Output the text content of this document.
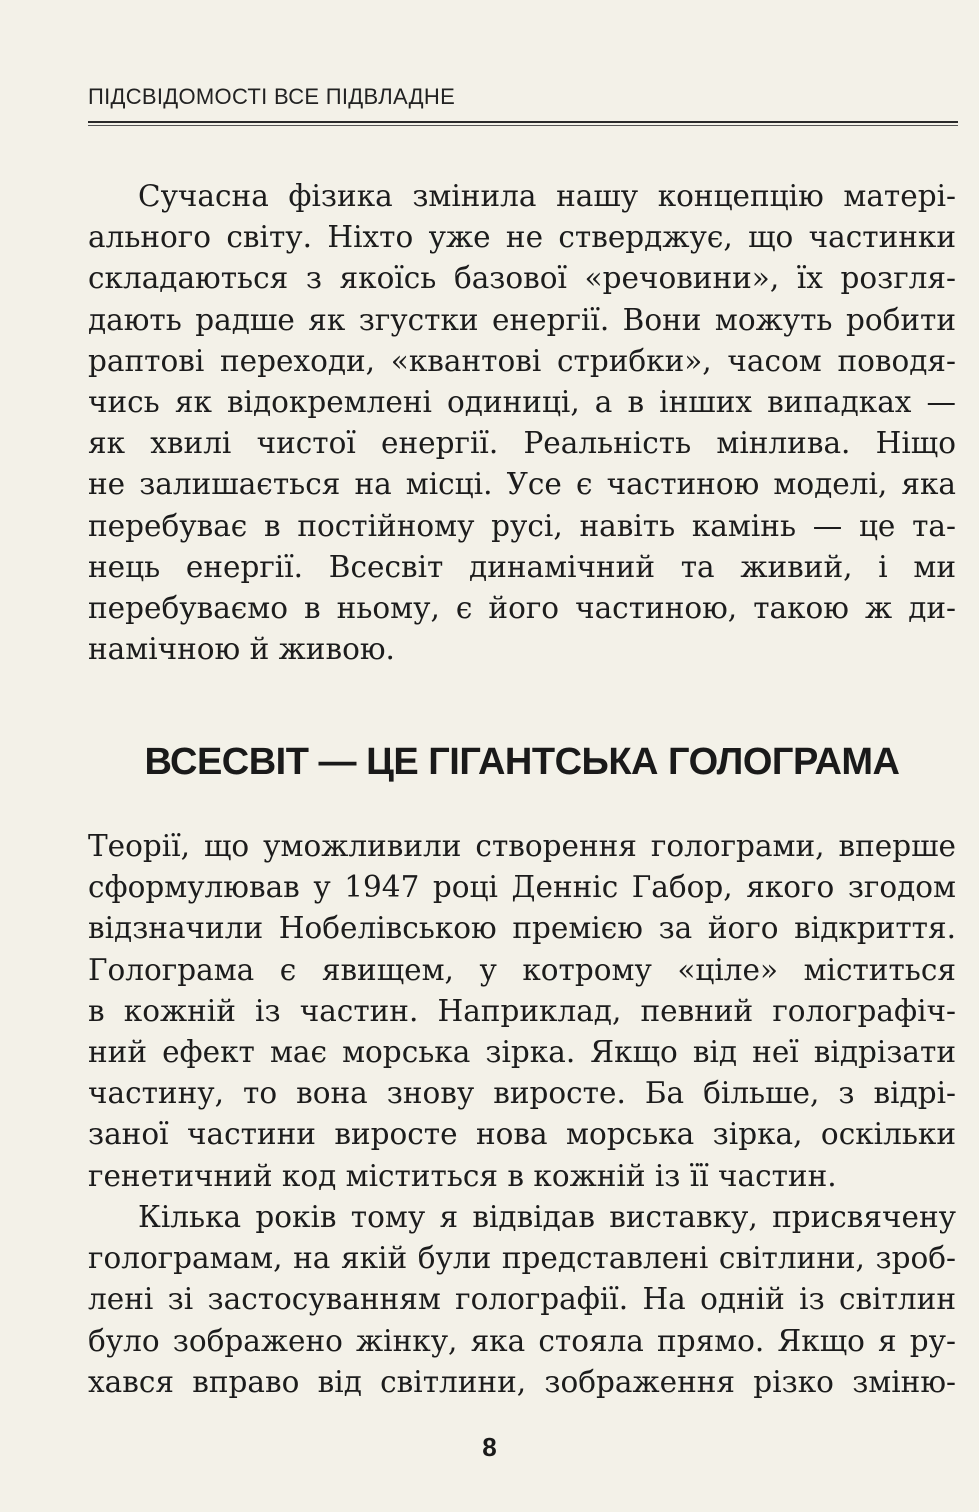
ПІДСВІДОМОСТІ ВСЕ ПІДВЛАДНЕ
Сучасна фізика змінила нашу концепцію матері-
ального світу. Ніхто уже не стверджує, що частинки
складаються з якоїсь базової «речовини», їх розгля-
дають радше як згустки енергії. Вони можуть робити
раптові переходи, «квантові стрибки», часом поводя-
чись як відокремлені одиниці, а в інших випадках —
як хвилі чистої енергії. Реальність мінлива. Ніщо
не залишається на місці. Усе є частиною моделі, яка
перебуває в постійному русі, навіть камінь — це та-
нець енергії. Всесвіт динамічний та живий, і ми
перебуваємо в ньому, є його частиною, такою ж ди-
намічною й живою.
ВСЕСВІТ — ЦЕ ГІГАНТСЬКА ГОЛОГРАМА
Теорії, що уможливили створення голограми, вперше
сформулював у 1947 році Денніс Габор, якого згодом
відзначили Нобелівською премією за його відкриття.
Голограма є явищем, у котрому «ціле» міститься
в кожній із частин. Наприклад, певний голографіч-
ний ефект має морська зірка. Якщо від неї відрізати
частину, то вона знову виросте. Ба більше, з відрі-
заної частини виросте нова морська зірка, оскільки
генетичний код міститься в кожній із її частин.
Кілька років тому я відвідав виставку, присвячену
голограмам, на якій були представлені світлини, зроб-
лені зі застосуванням голографії. На одній із світлин
було зображено жінку, яка стояла прямо. Якщо я ру-
хався вправо від світлини, зображення різко зміню-
8
